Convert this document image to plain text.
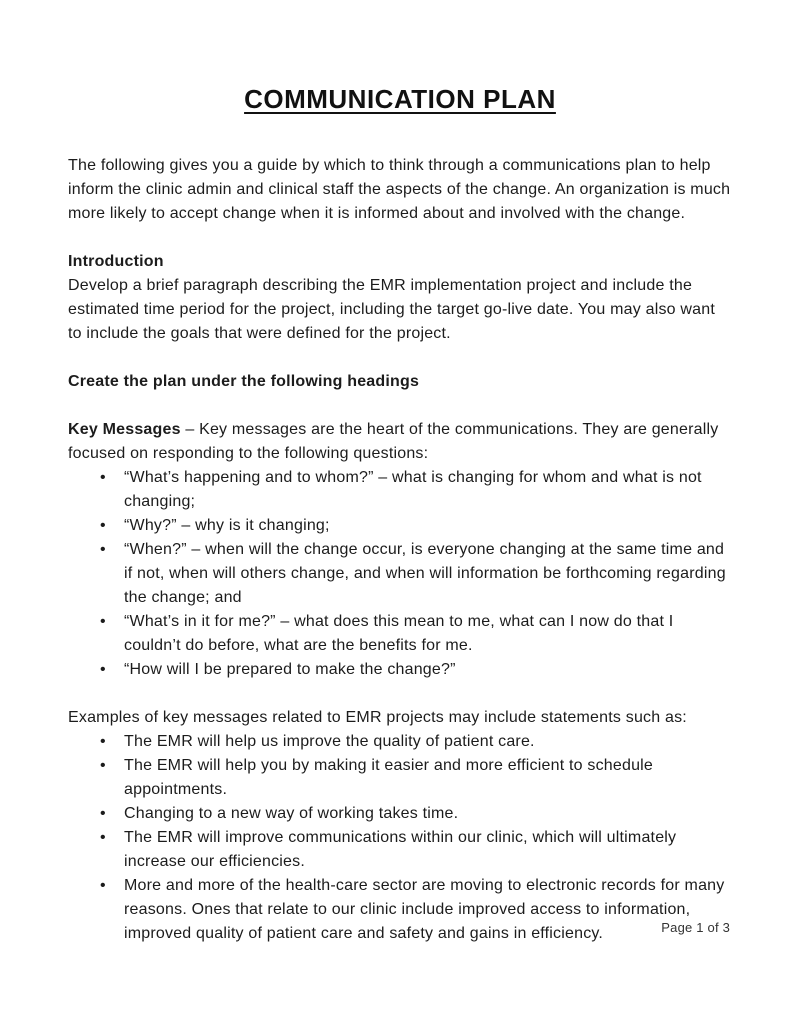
COMMUNICATION PLAN

The following gives you a guide by which to think through a communications plan to help inform the clinic admin and clinical staff the aspects of the change. An organization is much more likely to accept change when it is informed about and involved with the change.

Introduction

Develop a brief paragraph describing the EMR implementation project and include the estimated time period for the project, including the target go-live date. You may also want to include the goals that were defined for the project.

Create the plan under the following headings

Key Messages – Key messages are the heart of the communications. They are generally focused on responding to the following questions:

• “What’s happening and to whom?” – what is changing for whom and what is not changing;
• “Why?” – why is it changing;
• “When?” – when will the change occur, is everyone changing at the same time and if not, when will others change, and when will information be forthcoming regarding the change; and
• “What’s in it for me?” – what does this mean to me, what can I now do that I couldn’t do before, what are the benefits for me.
• “How will I be prepared to make the change?”

Examples of key messages related to EMR projects may include statements such as:

• The EMR will help us improve the quality of patient care.
• The EMR will help you by making it easier and more efficient to schedule appointments.
• Changing to a new way of working takes time.
• The EMR will improve communications within our clinic, which will ultimately increase our efficiencies.
• More and more of the health-care sector are moving to electronic records for many reasons. Ones that relate to our clinic include improved access to information, improved quality of patient care and safety and gains in efficiency.	Page 1 of 3
